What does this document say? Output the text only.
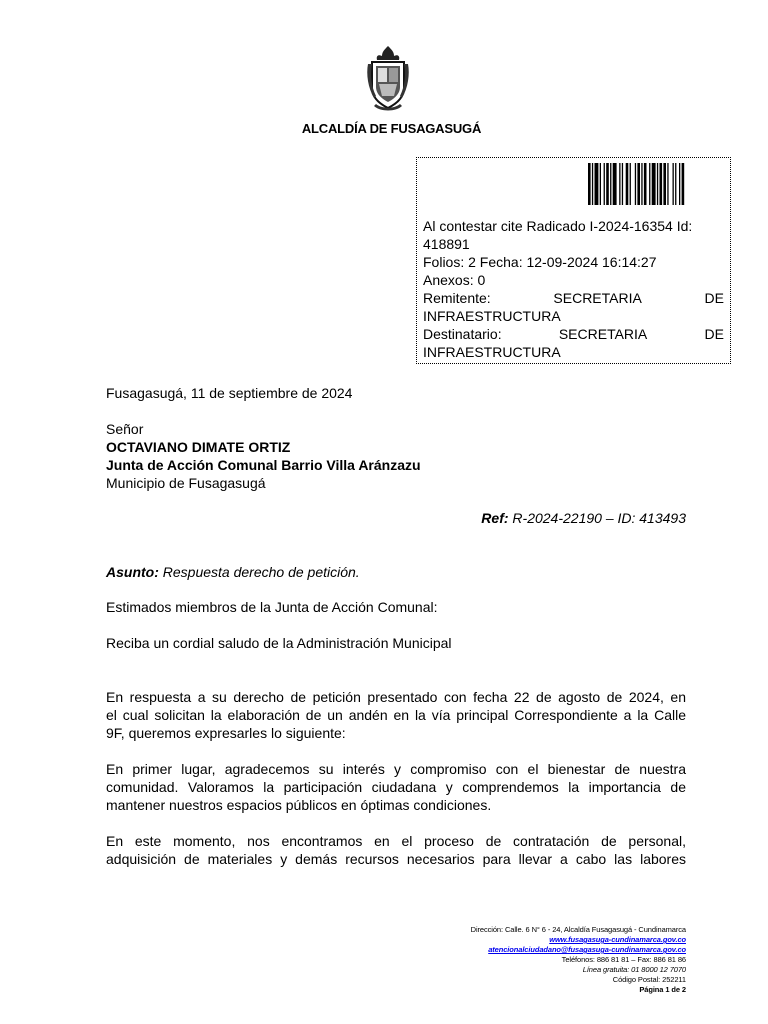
ALCALDÍA DE FUSAGASUGÁ
Al contestar cite Radicado I-2024-16354 Id:
418891
Folios: 2 Fecha: 12-09-2024 16:14:27
Anexos: 0
Remitente:	SECRETARIA	DE
INFRAESTRUCTURA
Destinatario:	SECRETARIA	DE
INFRAESTRUCTURA
Fusagasugá, 11 de septiembre de 2024
Señor
OCTAVIANO DIMATE ORTIZ
Junta de Acción Comunal Barrio Villa Aránzazu
Municipio de Fusagasugá
Ref: R-2024-22190 – ID: 413493
Asunto: Respuesta derecho de petición.
Estimados miembros de la Junta de Acción Comunal:
Reciba un cordial saludo de la Administración Municipal
En respuesta a su derecho de petición presentado con fecha 22 de agosto de 2024, en
el cual solicitan la elaboración de un andén en la vía principal Correspondiente a la Calle
9F, queremos expresarles lo siguiente:
En primer lugar, agradecemos su interés y compromiso con el bienestar de nuestra
comunidad. Valoramos la participación ciudadana y comprendemos la importancia de
mantener nuestros espacios públicos en óptimas condiciones.
En este momento, nos encontramos en el proceso de contratación de personal,
adquisición de materiales y demás recursos necesarios para llevar a cabo las labores
Dirección: Calle. 6 N° 6 - 24, Alcaldía Fusagasugá - Cundinamarca
www.fusagasuga-cundinamarca.gov.co
atencionalciudadano@fusagasuga-cundinamarca.gov.co
Teléfonos: 886 81 81 – Fax: 886 81 86
Línea gratuita: 01 8000 12 7070
Código Postal: 252211
Página 1 de 2
